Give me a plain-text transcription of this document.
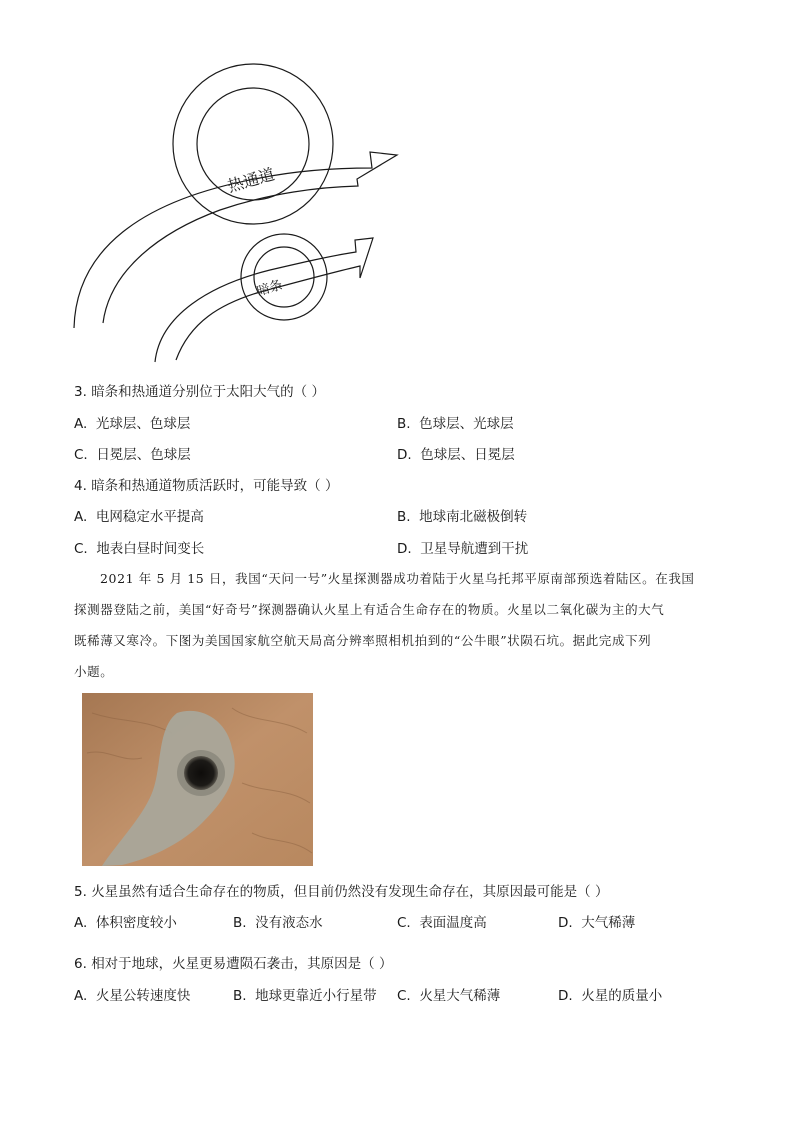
热通道
暗条
3. 暗条和热通道分别位于太阳大气的（ ）
A. 光球层、色球层	B. 色球层、光球层
C. 日冕层、色球层	D. 色球层、日冕层
4. 暗条和热通道物质活跃时，可能导致（ ）
A. 电网稳定水平提高	B. 地球南北磁极倒转
C. 地表白昼时间变长	D. 卫星导航遭到干扰
2021 年 5 月 15 日，我国“天问一号”火星探测器成功着陆于火星乌托邦平原南部预选着陆区。在我国
探测器登陆之前，美国“好奇号”探测器确认火星上有适合生命存在的物质。火星以二氧化碳为主的大气
既稀薄又寒冷。下图为美国国家航空航天局高分辨率照相机拍到的“公牛眼”状陨石坑。据此完成下列
小题。
5. 火星虽然有适合生命存在的物质，但目前仍然没有发现生命存在，其原因最可能是（ ）
A. 体积密度较小	B. 没有液态水	C. 表面温度高	D. 大气稀薄
6. 相对于地球，火星更易遭陨石袭击，其原因是（ ）
A. 火星公转速度快	B. 地球更靠近小行星带 C. 火星大气稀薄	D. 火星的质量小
